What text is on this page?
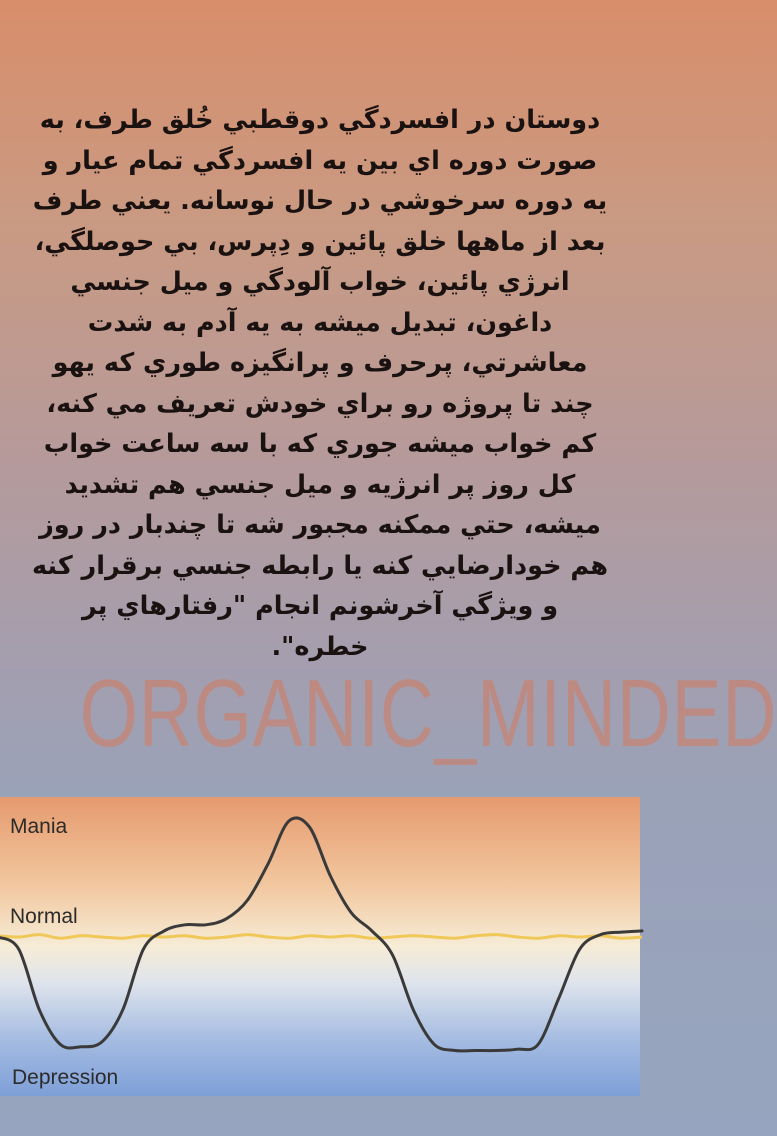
دوستان در افسردگي دوقطبي خُلق طرف، به صورت دوره اي بين يه افسردگي تمام عيار و يه دوره سرخوشي در حال نوسانه. يعني طرف بعد از ماهها خلق پائين و دِپرس، بي حوصلگي، انرژي پائين، خواب آلودگي و ميل جنسي داغون، تبديل ميشه به يه آدم به شدت معاشرتي، پرحرف و پرانگيزه طوري كه يهو چند تا پروژه رو براي خودش تعريف مي كنه، كم خواب ميشه جوري كه با سه ساعت خواب كل روز پر انرژيه و ميل جنسي هم تشديد ميشه، حتي ممكنه مجبور شه تا چندبار در روز هم خودارضايي كنه يا رابطه جنسي برقرار كنه و ويژگي آخرشونم انجام "رفتارهاي پر خطره".

ORGANIC_MINDED
Mania
Normal
Depression
